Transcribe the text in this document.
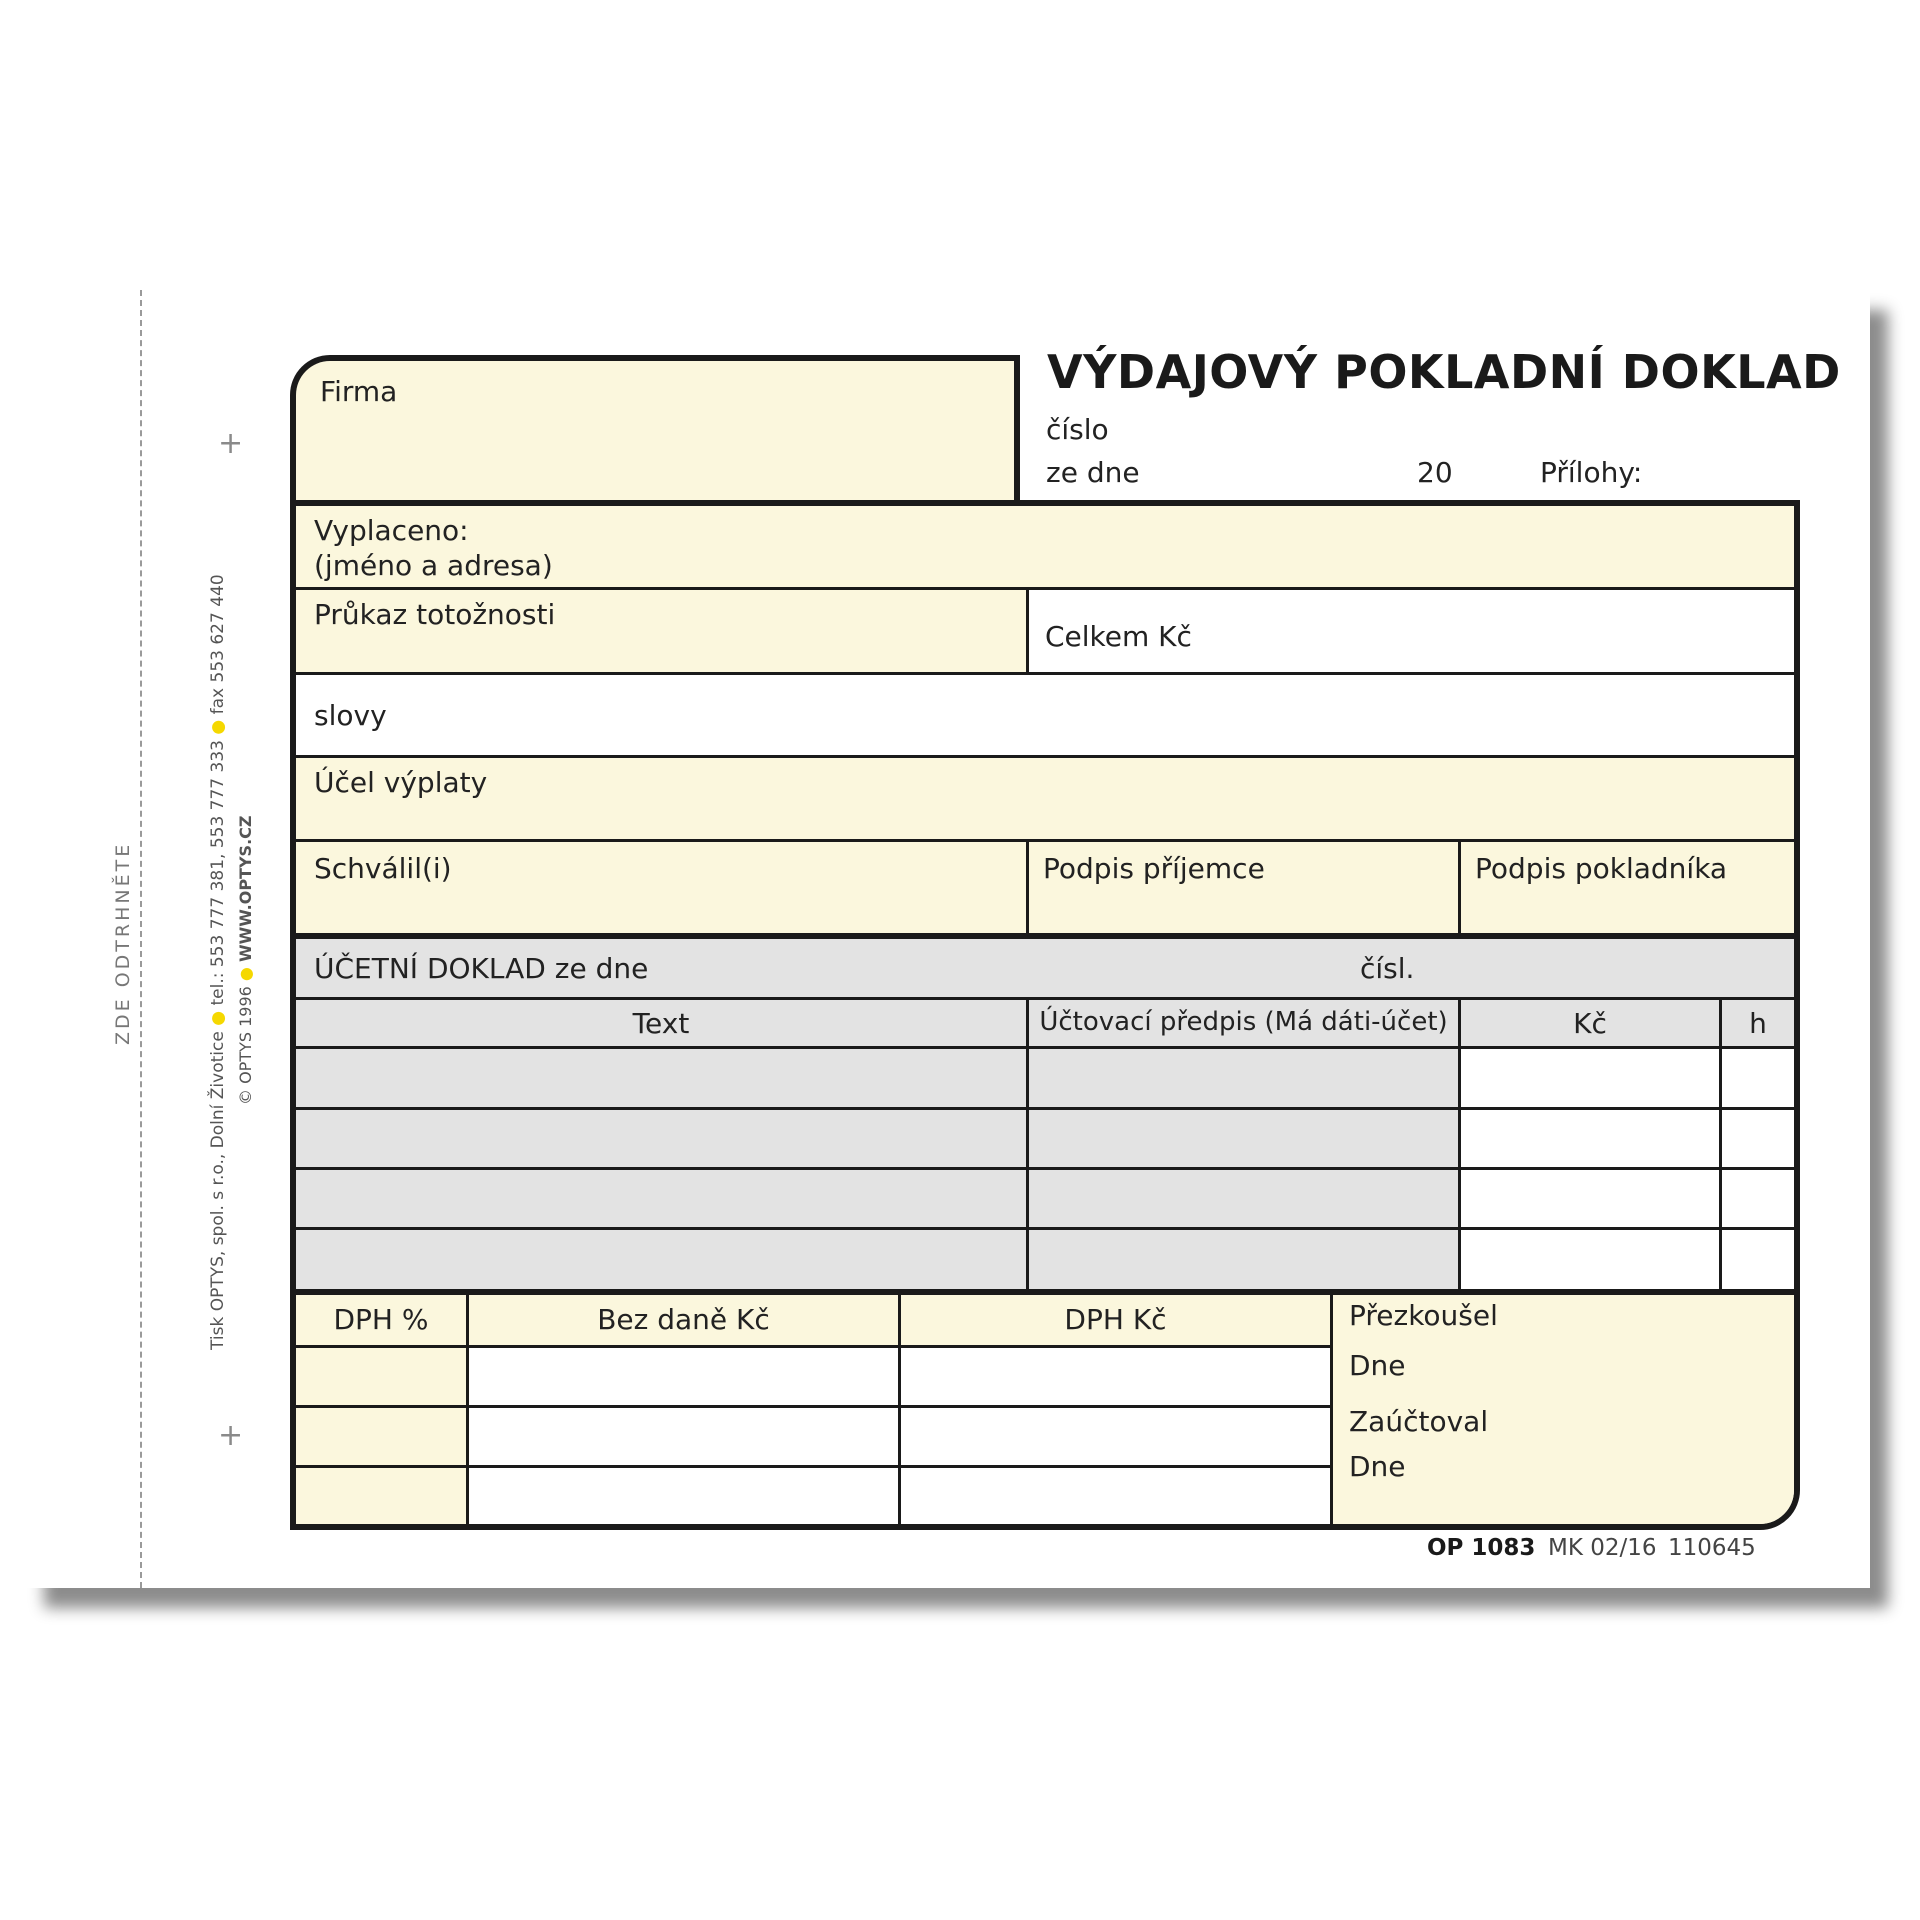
+
+
ZDE ODTRHNĚTE
Tisk OPTYS, spol. s r.o., Dolní Životice ● tel.: 553 777 381, 553 777 333 ● fax 553 627 440
© OPTYS 1996 ● WWW.OPTYS.CZ
VÝDAJOVÝ POKLADNÍ DOKLAD
Firma
číslo
ze dne	20	Přílohy:
Vyplaceno:
(jméno a adresa)
Průkaz totožnosti
Celkem Kč
slovy
Účel výplaty
Schválil(i)	Podpis příjemce	Podpis pokladníka
ÚČETNÍ DOKLAD ze dne	čísl.
Text	Účtovací předpis (Má dáti-účet)	Kč	h
DPH %	Bez daně Kč	DPH Kč	Přezkoušel
Dne
Zaúčtoval
Dne
OP 1083 MK 02/16 110645
